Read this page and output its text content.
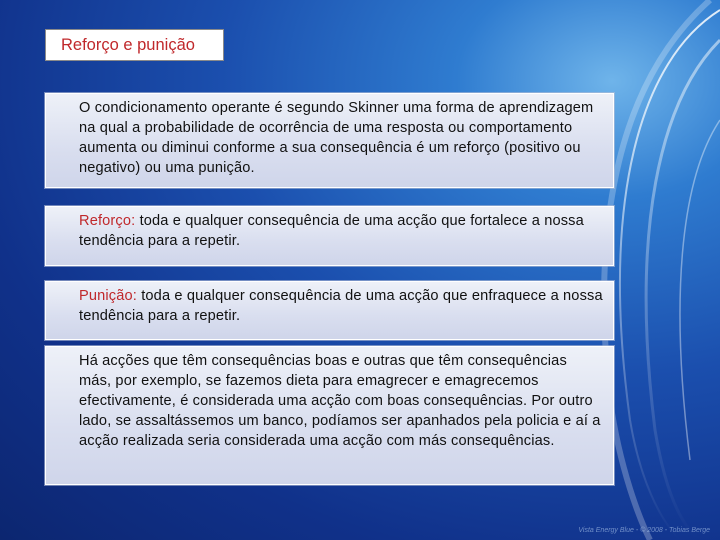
Reforço e punição
O condicionamento operante é segundo Skinner uma forma de aprendizagem na qual a probabilidade de ocorrência de uma resposta ou comportamento aumenta ou diminui conforme a sua consequência é um reforço (positivo ou negativo) ou uma punição.
Reforço: toda e qualquer consequência de uma acção que fortalece a nossa tendência para a repetir.
Punição: toda e qualquer consequência de uma acção que enfraquece a nossa tendência para a repetir.
Há acções que têm consequências boas e outras que têm consequências más, por exemplo, se fazemos dieta para emagrecer e emagrecemos efectivamente, é considerada uma acção com boas consequências. Por outro lado, se assaltássemos um banco, podíamos ser apanhados pela policia e aí a acção realizada seria considerada uma acção com más consequências.
Vista Energy Blue - © 2008 - Tobias Berge
